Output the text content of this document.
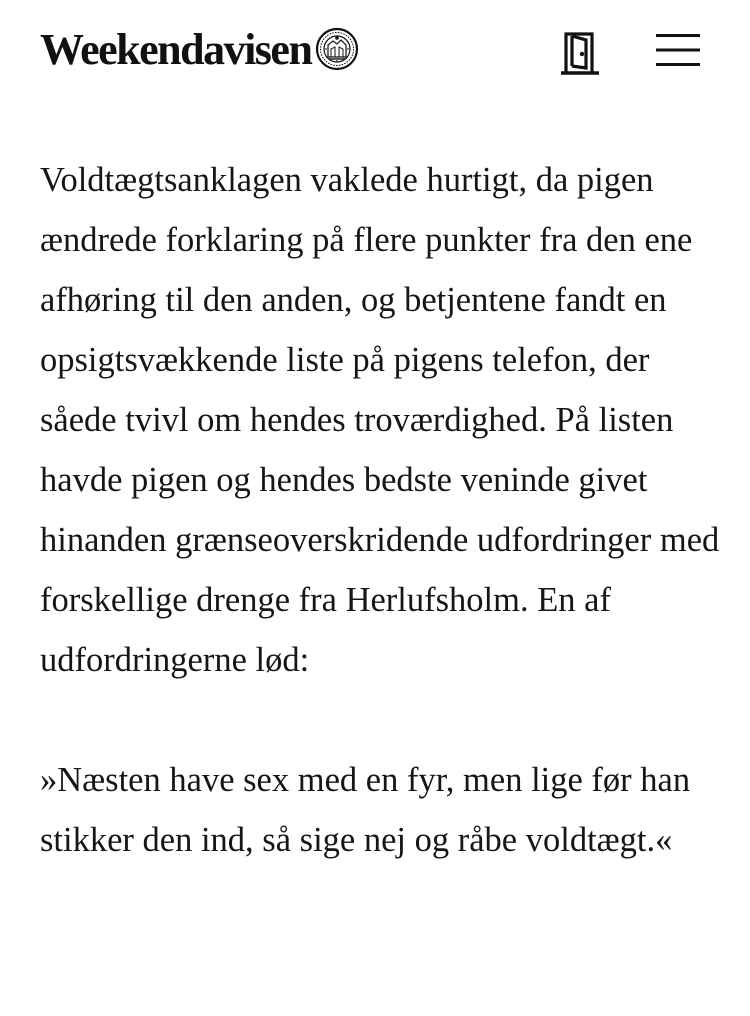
Weekendavisen

Voldtægtsanklagen vaklede hurtigt, da pigen ændrede forklaring på flere punkter fra den ene afhøring til den anden, og betjentene fandt en opsigtsvækkende liste på pigens telefon, der såede tvivl om hendes troværdighed. På listen havde pigen og hendes bedste veninde givet hinanden grænseoverskridende udfordringer med forskellige drenge fra Herlufsholm. En af udfordringerne lød:

»Næsten have sex med en fyr, men lige før han stikker den ind, så sige nej og råbe voldtægt.«
